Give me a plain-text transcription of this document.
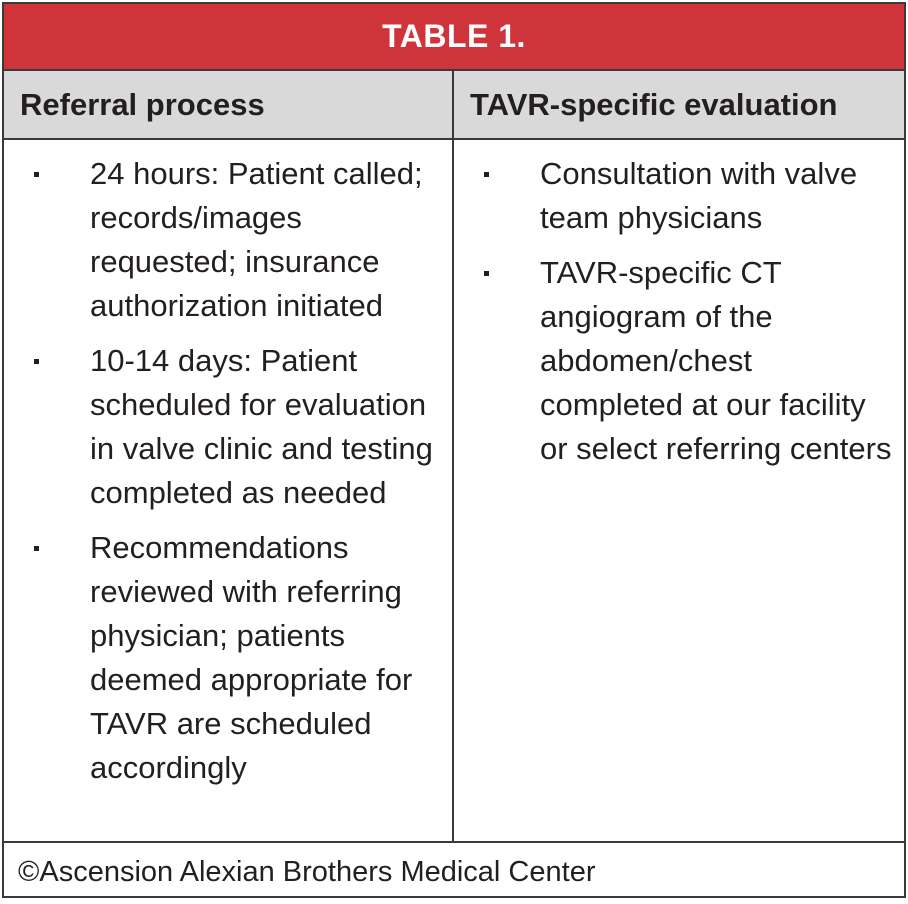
TABLE 1.
Referral process	TAVR-specific evaluation
24 hours: Patient called; records/images requested; insurance authorization initiated
10-14 days: Patient scheduled for evaluation in valve clinic and testing completed as needed
Recommendations reviewed with referring physician; patients deemed appropriate for TAVR are scheduled accordingly
Consultation with valve team physicians
TAVR-specific CT angiogram of the abdomen/chest completed at our facility or select referring centers
©Ascension Alexian Brothers Medical Center
